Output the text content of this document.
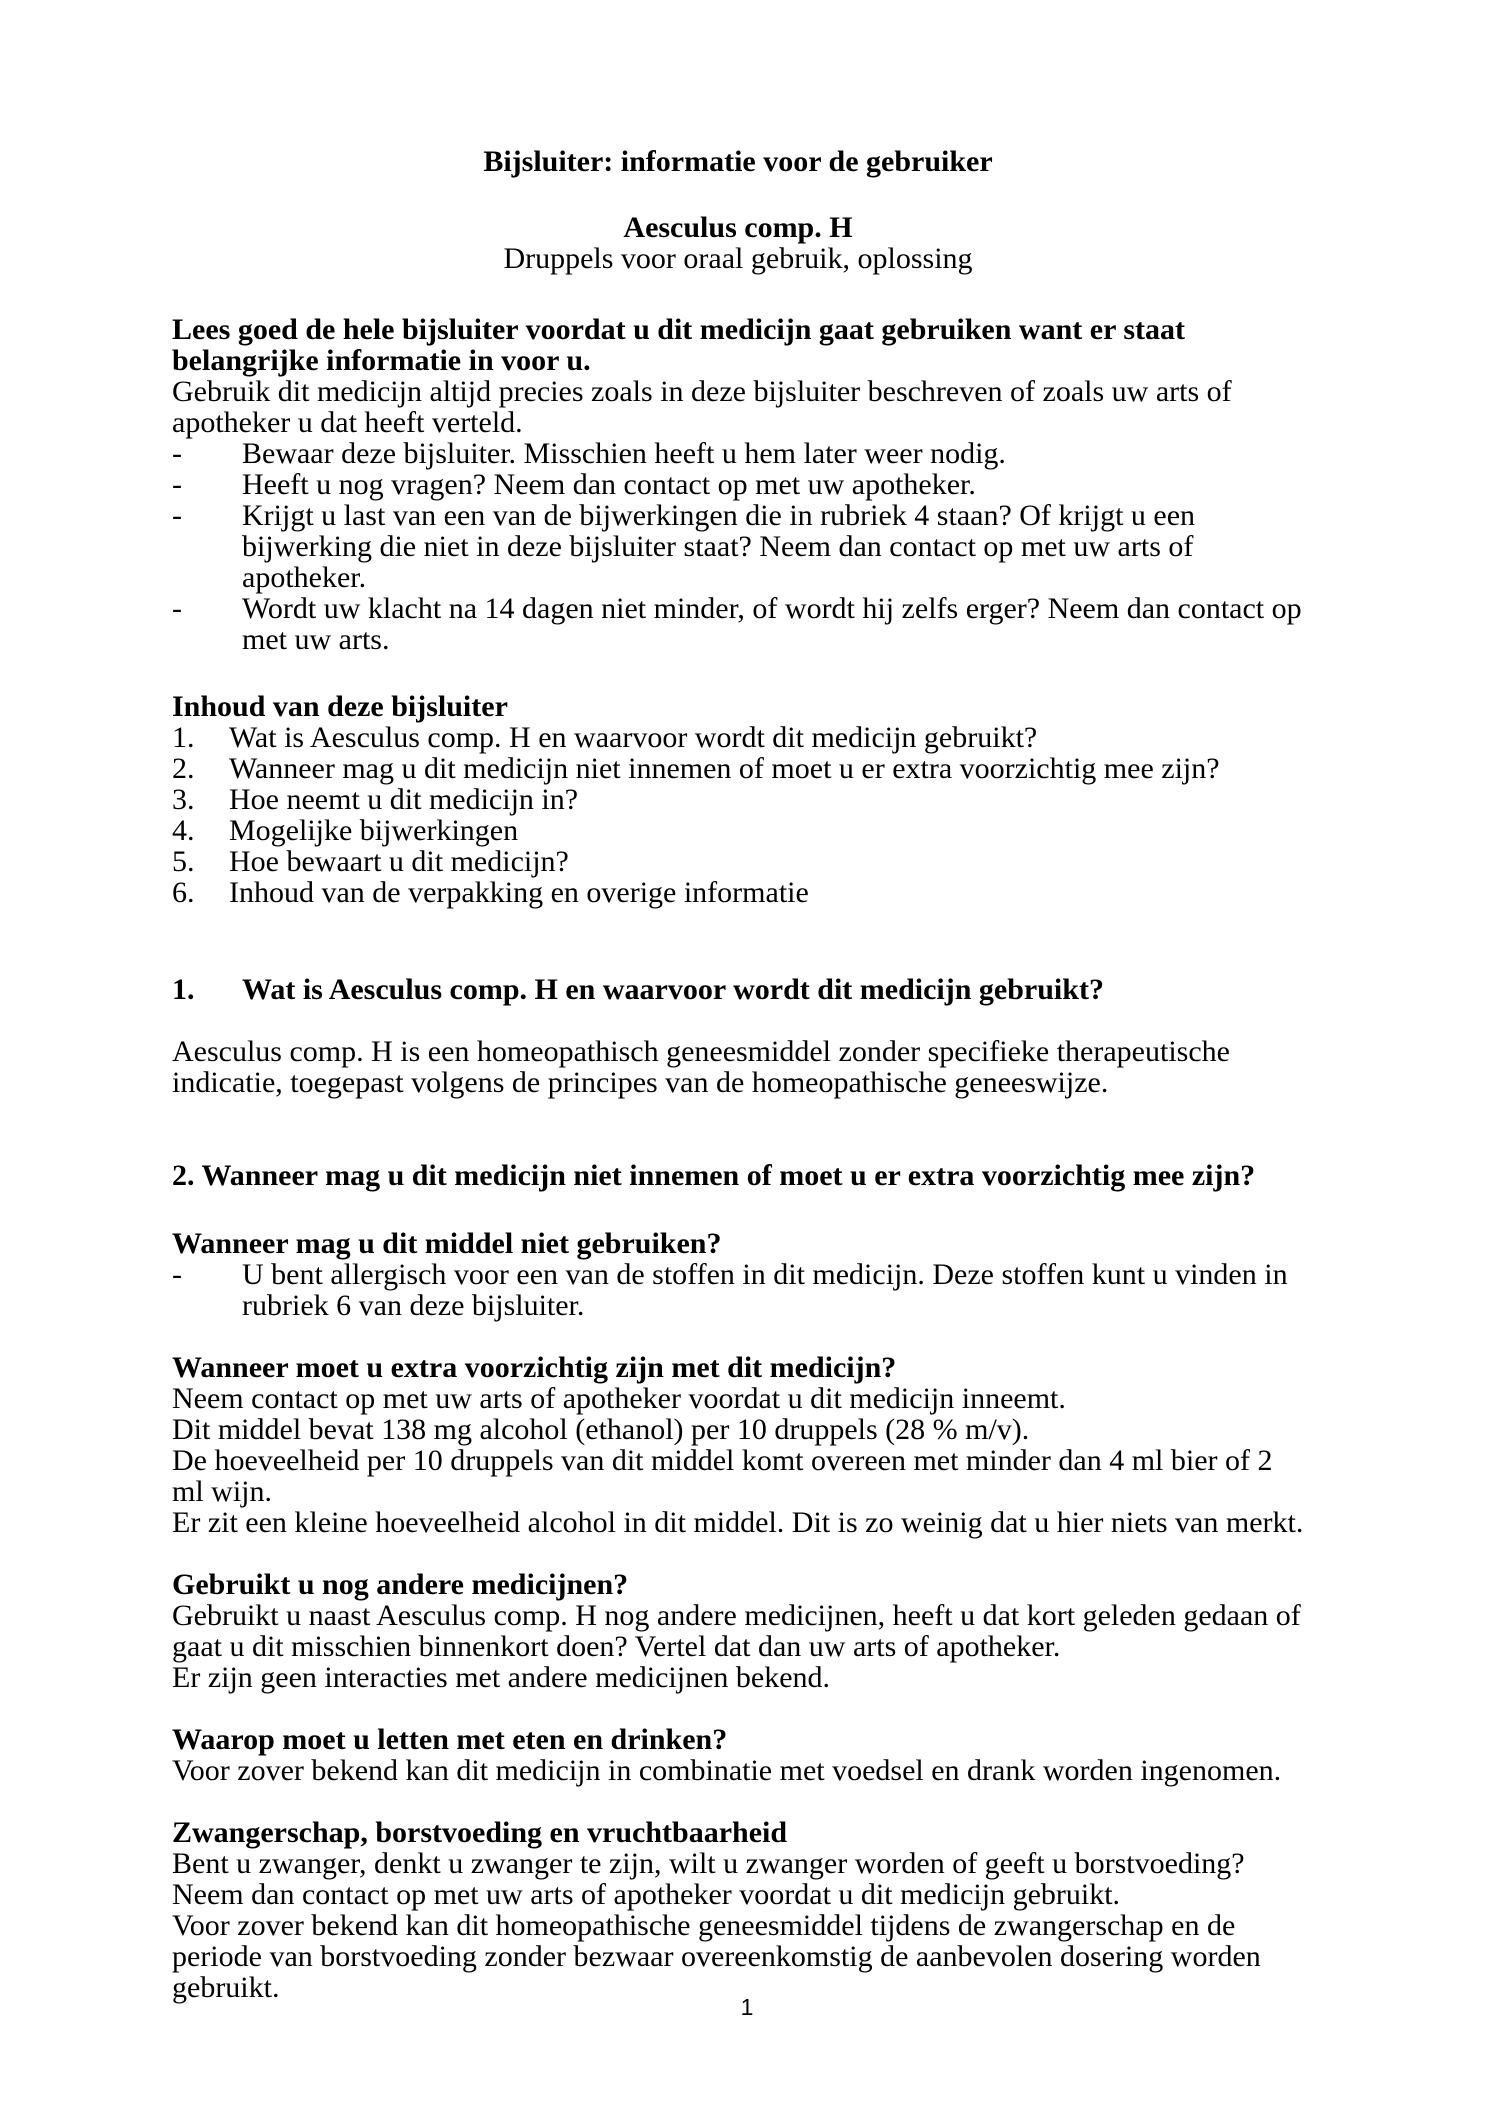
Bijsluiter: informatie voor de gebruiker
Aesculus comp. H
Druppels voor oraal gebruik, oplossing
Lees goed de hele bijsluiter voordat u dit medicijn gaat gebruiken want er staat belangrijke informatie in voor u.
Gebruik dit medicijn altijd precies zoals in deze bijsluiter beschreven of zoals uw arts of apotheker u dat heeft verteld.
-	Bewaar deze bijsluiter. Misschien heeft u hem later weer nodig.
-	Heeft u nog vragen? Neem dan contact op met uw apotheker.
-	Krijgt u last van een van de bijwerkingen die in rubriek 4 staan? Of krijgt u een bijwerking die niet in deze bijsluiter staat? Neem dan contact op met uw arts of apotheker.
-	Wordt uw klacht na 14 dagen niet minder, of wordt hij zelfs erger? Neem dan contact op met uw arts.
Inhoud van deze bijsluiter
1.	Wat is Aesculus comp. H en waarvoor wordt dit medicijn gebruikt?
2.	Wanneer mag u dit medicijn niet innemen of moet u er extra voorzichtig mee zijn?
3.	Hoe neemt u dit medicijn in?
4.	Mogelijke bijwerkingen
5.	Hoe bewaart u dit medicijn?
6.	Inhoud van de verpakking en overige informatie
1.	Wat is Aesculus comp. H en waarvoor wordt dit medicijn gebruikt?
Aesculus comp. H is een homeopathisch geneesmiddel zonder specifieke therapeutische indicatie, toegepast volgens de principes van de homeopathische geneeswijze.
2. Wanneer mag u dit medicijn niet innemen of moet u er extra voorzichtig mee zijn?
Wanneer mag u dit middel niet gebruiken?
-	U bent allergisch voor een van de stoffen in dit medicijn. Deze stoffen kunt u vinden in rubriek 6 van deze bijsluiter.
Wanneer moet u extra voorzichtig zijn met dit medicijn?
Neem contact op met uw arts of apotheker voordat u dit medicijn inneemt.
Dit middel bevat 138 mg alcohol (ethanol) per 10 druppels (28 % m/v).
De hoeveelheid per 10 druppels van dit middel komt overeen met minder dan 4 ml bier of 2 ml wijn.
Er zit een kleine hoeveelheid alcohol in dit middel. Dit is zo weinig dat u hier niets van merkt.
Gebruikt u nog andere medicijnen?
Gebruikt u naast Aesculus comp. H nog andere medicijnen, heeft u dat kort geleden gedaan of gaat u dit misschien binnenkort doen? Vertel dat dan uw arts of apotheker.
Er zijn geen interacties met andere medicijnen bekend.
Waarop moet u letten met eten en drinken?
Voor zover bekend kan dit medicijn in combinatie met voedsel en drank worden ingenomen.
Zwangerschap, borstvoeding en vruchtbaarheid
Bent u zwanger, denkt u zwanger te zijn, wilt u zwanger worden of geeft u borstvoeding? Neem dan contact op met uw arts of apotheker voordat u dit medicijn gebruikt.
Voor zover bekend kan dit homeopathische geneesmiddel tijdens de zwangerschap en de periode van borstvoeding zonder bezwaar overeenkomstig de aanbevolen dosering worden gebruikt.
1
